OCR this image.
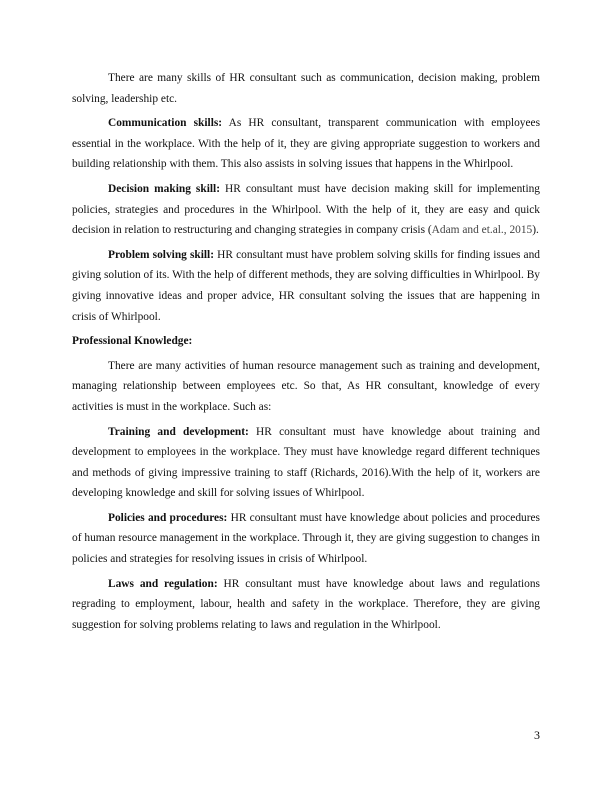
There are many skills of HR consultant such as communication, decision making, problem solving, leadership etc.

Communication skills: As HR consultant, transparent communication with employees essential in the workplace. With the help of it, they are giving appropriate suggestion to workers and building relationship with them. This also assists in solving issues that happens in the Whirlpool.

Decision making skill: HR consultant must have decision making skill for implementing policies, strategies and procedures in the Whirlpool. With the help of it, they are easy and quick decision in relation to restructuring and changing strategies in company crisis (Adam and et.al., 2015).

Problem solving skill: HR consultant must have problem solving skills for finding issues and giving solution of its. With the help of different methods, they are solving difficulties in Whirlpool. By giving innovative ideas and proper advice, HR consultant solving the issues that are happening in crisis of Whirlpool.

Professional Knowledge:

There are many activities of human resource management such as training and development, managing relationship between employees etc. So that, As HR consultant, knowledge of every activities is must in the workplace. Such as:

Training and development: HR consultant must have knowledge about training and development to employees in the workplace. They must have knowledge regard different techniques and methods of giving impressive training to staff (Richards, 2016).With the help of it, workers are developing knowledge and skill for solving issues of Whirlpool.

Policies and procedures: HR consultant must have knowledge about policies and procedures of human resource management in the workplace. Through it, they are giving suggestion to changes in policies and strategies for resolving issues in crisis of Whirlpool.

Laws and regulation: HR consultant must have knowledge about laws and regulations regrading to employment, labour, health and safety in the workplace. Therefore, they are giving suggestion for solving problems relating to laws and regulation in the Whirlpool.

3
